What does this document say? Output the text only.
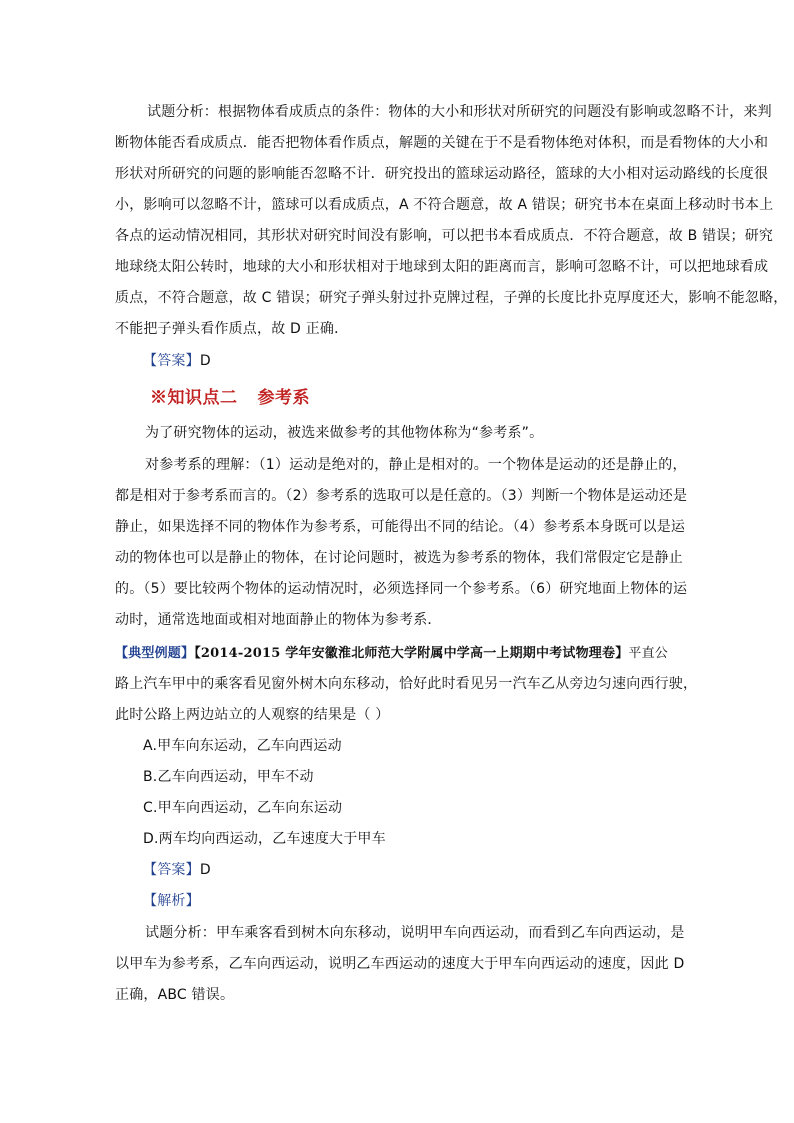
试题分析：根据物体看成质点的条件：物体的大小和形状对所研究的问题没有影响或忽略不计，来判
断物体能否看成质点．能否把物体看作质点，解题的关键在于不是看物体绝对体积，而是看物体的大小和
形状对所研究的问题的影响能否忽略不计．研究投出的篮球运动路径，篮球的大小相对运动路线的长度很
小，影响可以忽略不计，篮球可以看成质点，A 不符合题意，故 A 错误；研究书本在桌面上移动时书本上
各点的运动情况相同，其形状对研究时间没有影响，可以把书本看成质点．不符合题意，故 B 错误；研究
地球绕太阳公转时，地球的大小和形状相对于地球到太阳的距离而言，影响可忽略不计，可以把地球看成
质点，不符合题意，故 C 错误；研究子弹头射过扑克牌过程，子弹的长度比扑克厚度还大，影响不能忽略，
不能把子弹头看作质点，故 D 正确．
【答案】D
※知识点二 参考系
为了研究物体的运动，被选来做参考的其他物体称为“参考系”。
对参考系的理解：（1）运动是绝对的，静止是相对的。一个物体是运动的还是静止的，
都是相对于参考系而言的。（2）参考系的选取可以是任意的。（3）判断一个物体是运动还是
静止，如果选择不同的物体作为参考系，可能得出不同的结论。（4）参考系本身既可以是运
动的物体也可以是静止的物体，在讨论问题时，被选为参考系的物体，我们常假定它是静止
的。（5）要比较两个物体的运动情况时，必须选择同一个参考系。（6）研究地面上物体的运
动时，通常选地面或相对地面静止的物体为参考系．
【典型例题】【2014-2015 学年安徽淮北师范大学附属中学高一上期期中考试物理卷】平直公
路上汽车甲中的乘客看见窗外树木向东移动，恰好此时看见另一汽车乙从旁边匀速向西行驶，
此时公路上两边站立的人观察的结果是（ ）
A.甲车向东运动，乙车向西运动
B.乙车向西运动，甲车不动
C.甲车向西运动，乙车向东运动
D.两车均向西运动，乙车速度大于甲车
【答案】D
【解析】
试题分析：甲车乘客看到树木向东移动，说明甲车向西运动，而看到乙车向西运动，是
以甲车为参考系，乙车向西运动，说明乙车西运动的速度大于甲车向西运动的速度，因此 D
正确，ABC 错误。
